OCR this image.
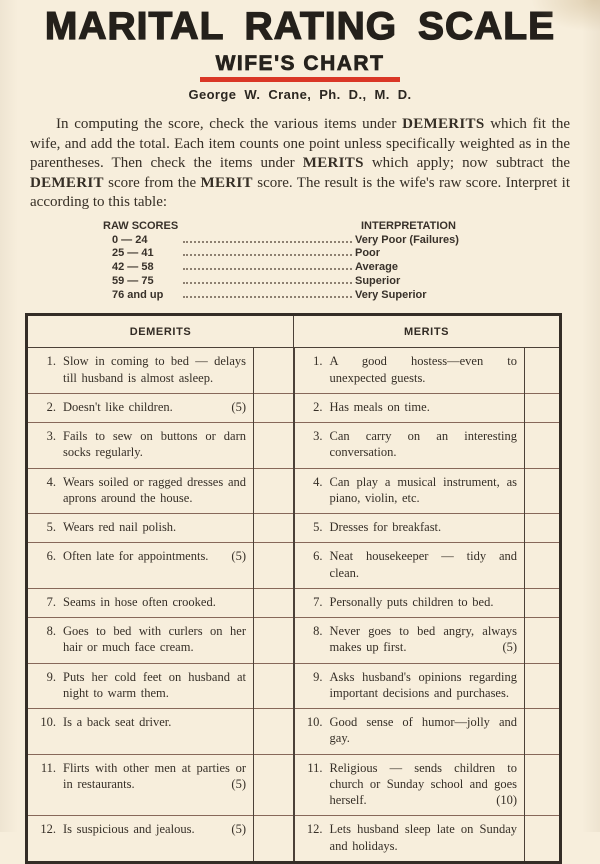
MARITAL RATING SCALE
WIFE'S CHART
George W. Crane, Ph. D., M. D.

In computing the score, check the various items under DEMERITS which fit the wife, and add the total. Each item counts one point unless specifically weighted as in the parentheses. Then check the items under MERITS which apply; now subtract the DEMERIT score from the MERIT score. The result is the wife's raw score. Interpret it according to this table:

RAW SCORES	INTERPRETATION
0 — 24	Very Poor (Failures)
25 — 41	Poor
42 — 58	Average
59 — 75	Superior
76 and up	Very Superior
DEMERITS		MERITS	

1. Slow in coming to bed — delays till husband is almost asleep.		1. A good hostess—even to unexpected guests.	

2. Doesn't like children. (5)		2. Has meals on time.	

3. Fails to sew on buttons or darn socks regularly.		3. Can carry on an interesting conversation.	

4. Wears soiled or ragged dresses and aprons around the house.		4. Can play a musical instrument, as piano, violin, etc.	

5. Wears red nail polish.		5. Dresses for breakfast.	

6. Often late for appointments. (5)		6. Neat housekeeper — tidy and clean.	

7. Seams in hose often crooked.		7. Personally puts children to bed.	

8. Goes to bed with curlers on her hair or much face cream.		8. Never goes to bed angry, always makes up first. (5)	

9. Puts her cold feet on husband at night to warm them.		9. Asks husband's opinions regarding important decisions and purchases.	

10. Is a back seat driver.		10. Good sense of humor—jolly and gay.	

11. Flirts with other men at parties or in restaurants. (5)		11. Religious — sends children to church or Sunday school and goes herself. (10)	

12. Is suspicious and jealous. (5)		12. Lets husband sleep late on Sunday and holidays.	
